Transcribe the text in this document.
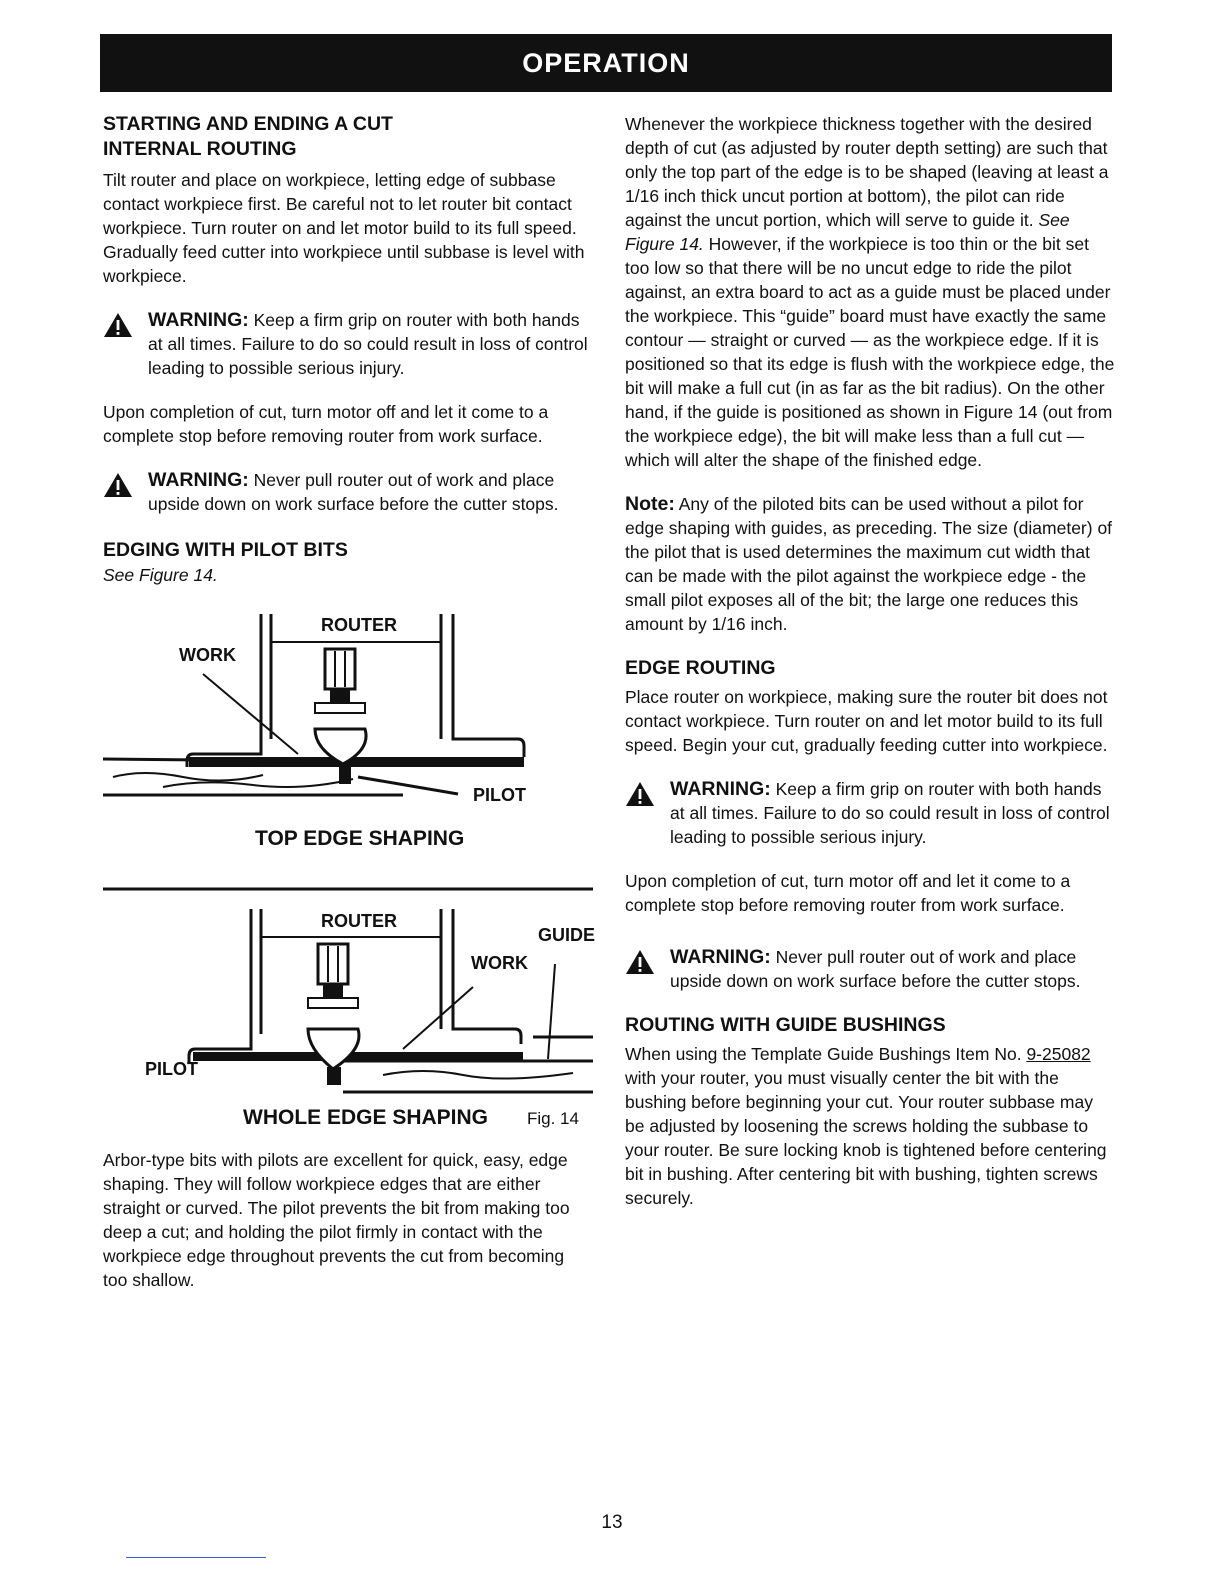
OPERATION
STARTING AND ENDING A CUT
INTERNAL ROUTING

Tilt router and place on workpiece, letting edge of subbase contact workpiece first. Be careful not to let router bit contact workpiece. Turn router on and let motor build to its full speed. Gradually feed cutter into workpiece until subbase is level with workpiece.

WARNING: Keep a firm grip on router with both hands at all times. Failure to do so could result in loss of control leading to possible serious injury.

Upon completion of cut, turn motor off and let it come to a complete stop before removing router from work surface.

WARNING: Never pull router out of work and place upside down on work surface before the cutter stops.

EDGING WITH PILOT BITS

See Figure 14.

ROUTER
WORK
PILOT
TOP EDGE SHAPING
ROUTER
GUIDE
WORK
PILOT
WHOLE EDGE SHAPING Fig. 14

Arbor-type bits with pilots are excellent for quick, easy, edge shaping. They will follow workpiece edges that are either straight or curved. The pilot prevents the bit from making too deep a cut; and holding the pilot firmly in contact with the workpiece edge throughout prevents the cut from becoming too shallow.

Whenever the workpiece thickness together with the desired depth of cut (as adjusted by router depth setting) are such that only the top part of the edge is to be shaped (leaving at least a 1/16 inch thick uncut portion at bottom), the pilot can ride against the uncut portion, which will serve to guide it. See Figure 14. However, if the workpiece is too thin or the bit set too low so that there will be no uncut edge to ride the pilot against, an extra board to act as a guide must be placed under the workpiece. This “guide” board must have exactly the same contour — straight or curved — as the workpiece edge. If it is positioned so that its edge is flush with the workpiece edge, the bit will make a full cut (in as far as the bit radius). On the other hand, if the guide is positioned as shown in Figure 14 (out from the workpiece edge), the bit will make less than a full cut — which will alter the shape of the finished edge.

Note: Any of the piloted bits can be used without a pilot for edge shaping with guides, as preceding. The size (diameter) of the pilot that is used determines the maximum cut width that can be made with the pilot against the workpiece edge - the small pilot exposes all of the bit; the large one reduces this amount by 1/16 inch.

EDGE ROUTING

Place router on workpiece, making sure the router bit does not contact workpiece. Turn router on and let motor build to its full speed. Begin your cut, gradually feeding cutter into workpiece.

WARNING: Keep a firm grip on router with both hands at all times. Failure to do so could result in loss of control leading to possible serious injury.

Upon completion of cut, turn motor off and let it come to a complete stop before removing router from work surface.

WARNING: Never pull router out of work and place upside down on work surface before the cutter stops.

ROUTING WITH GUIDE BUSHINGS

When using the Template Guide Bushings Item No. 9-25082 with your router, you must visually center the bit with the bushing before beginning your cut. Your router subbase may be adjusted by loosening the screws holding the subbase to your router. Be sure locking knob is tightened before centering bit in bushing. After centering bit with bushing, tighten screws securely.

13
